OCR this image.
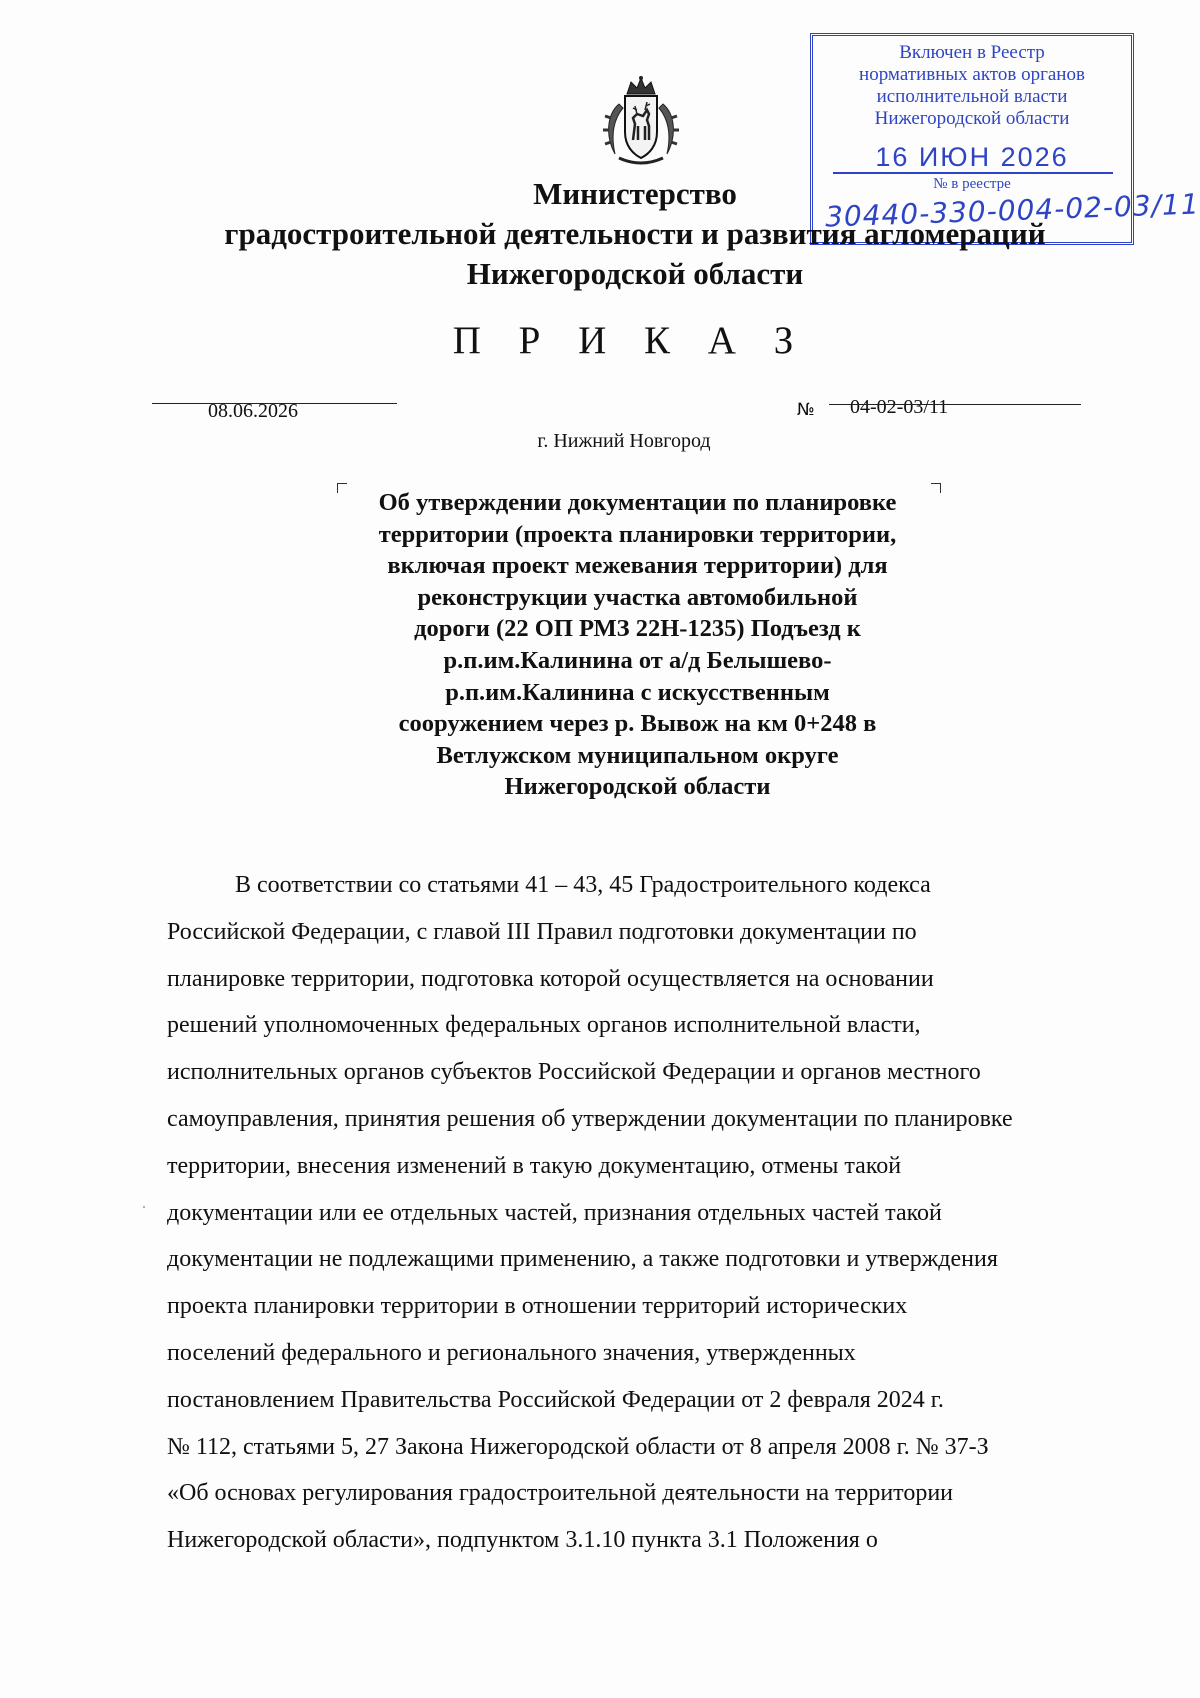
Включен в Реестр
нормативных актов органов
исполнительной власти
Нижегородской области
16 ИЮН 2026
№ в реестре
30440-330-004-02-03/11
Министерство
градостроительной деятельности и развития агломераций
Нижегородской области
П Р И К А З
08.06.2026	№ 04-02-03/11
г. Нижний Новгород
Об утверждении документации по планировке
территории (проекта планировки территории,
включая проект межевания территории) для
реконструкции участка автомобильной
дороги (22 ОП РМЗ 22Н-1235) Подъезд к
р.п.им.Калинина от а/д Белышево-
р.п.им.Калинина с искусственным
сооружением через р. Вывож на км 0+248 в
Ветлужском муниципальном округе
Нижегородской области
В соответствии со статьями 41 – 43, 45 Градостроительного кодекса
Российской Федерации, с главой III Правил подготовки документации по
планировке территории, подготовка которой осуществляется на основании
решений уполномоченных федеральных органов исполнительной власти,
исполнительных органов субъектов Российской Федерации и органов местного
самоуправления, принятия решения об утверждении документации по планировке
территории, внесения изменений в такую документацию, отмены такой
документации или ее отдельных частей, признания отдельных частей такой
документации не подлежащими применению, а также подготовки и утверждения
проекта планировки территории в отношении территорий исторических
поселений федерального и регионального значения, утвержденных
постановлением Правительства Российской Федерации от 2 февраля 2024 г.
№ 112, статьями 5, 27 Закона Нижегородской области от 8 апреля 2008 г. № 37-З
«Об основах регулирования градостроительной деятельности на территории
Нижегородской области», подпунктом 3.1.10 пункта 3.1 Положения о
